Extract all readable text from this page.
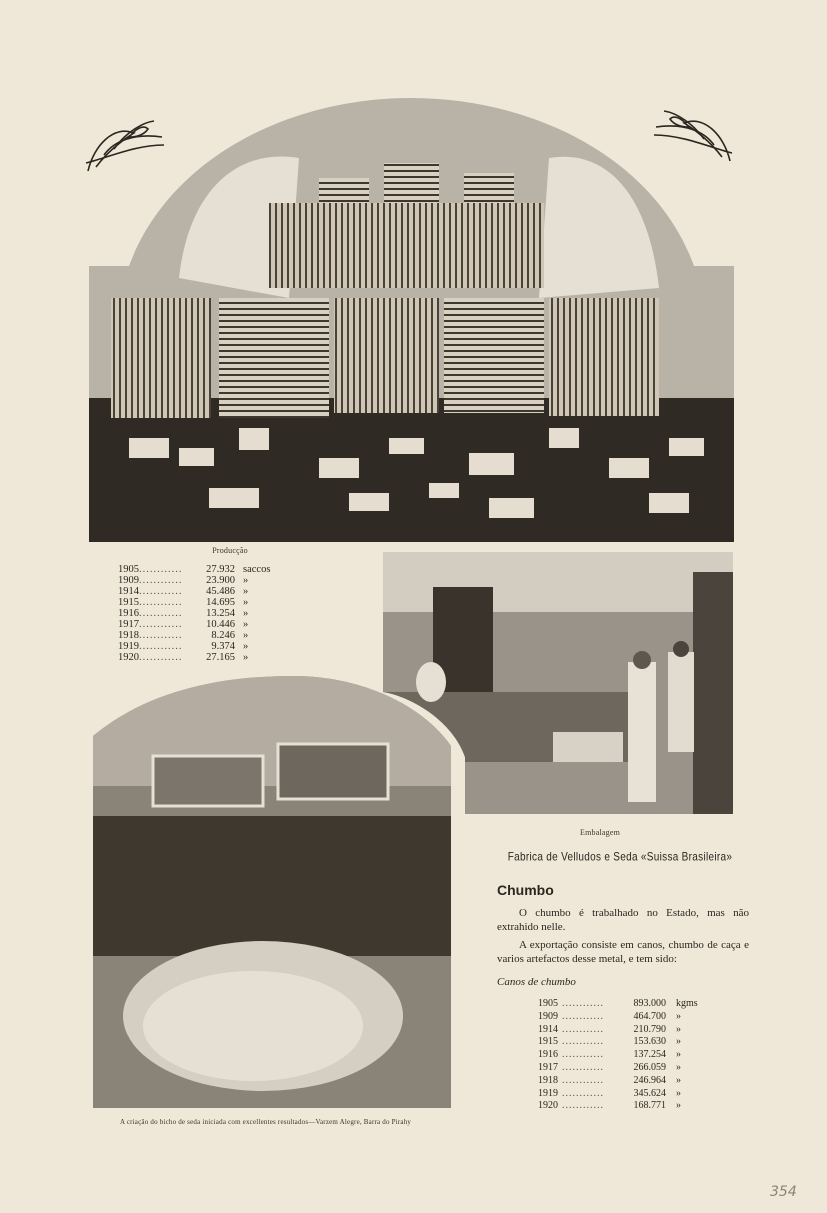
Producção
1905	............	27.932	saccos
1909	............	23.900	»
1914	............	45.486	»
1915	............	14.695	»
1916	............	13.254	»
1917	............	10.446	»
1918	............	8.246	»
1919	............	9.374	»
1920	............	27.165	»
Embalagem
Fabrica de Velludos e Seda «Suissa Brasileira»
A criação do bicho de seda iniciada com excellentes resultados—Varzem Alegre, Barra do Pirahy
Chumbo

O chumbo é trabalhado no Estado, mas não extrahido nelle.

A exportação consiste em canos, chumbo de caça e varios artefactos desse metal, e tem sido:

Canos de chumbo
1905	............	893.000	kgms
1909	............	464.700	»
1914	............	210.790	»
1915	............	153.630	»
1916	............	137.254	»
1917	............	266.059	»
1918	............	246.964	»
1919	............	345.624	»
1920	............	168.771	»
354
